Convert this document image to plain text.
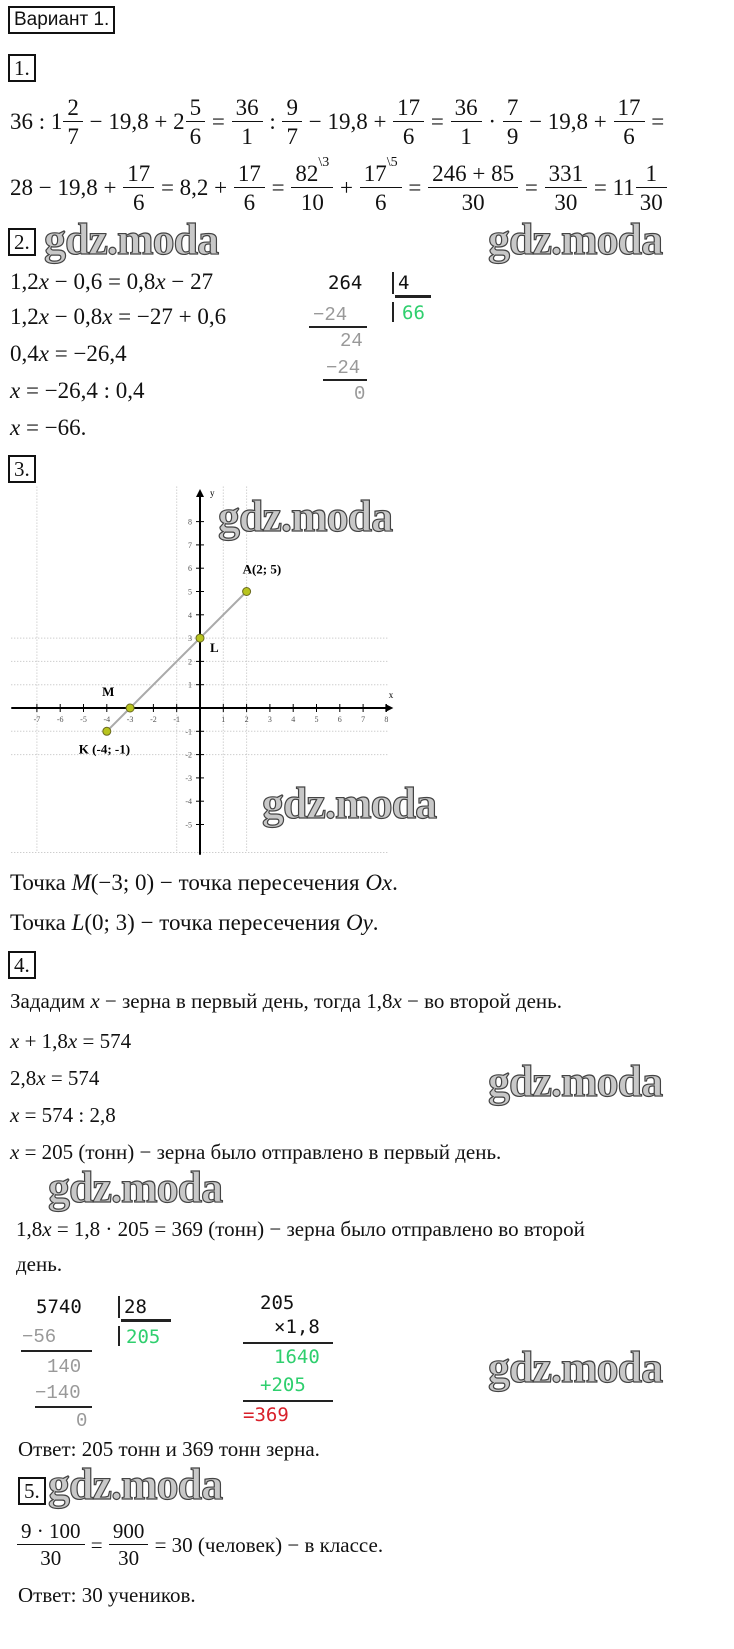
Вариант 1.
1.
36 : $1 \frac{2}{7} - 19,8 + 2 \frac{5}{6} = \frac{36}{1}$ : $\frac{9}{7} - 19,8 + \frac{17}{6} = \frac{36}{1} \cdot \frac{7}{9} - 19,8 + \frac{17}{6}$ =
$28 - 19,8 + \frac{17}{6} = 8,2 + \frac{17}{6} = \frac{82^{\backslash 3}}{10} + \frac{17^{\backslash 5}}{6} = \frac{246 + 85}{30} = \frac{331}{30} = 11 \frac{1}{30}$
2. gdz.moda	gdz.moda
1,2 x − 0,6 = 0,8 x − 27
1,2 x − 0,8 x = −27 + 0,6
0,4 x = −26,4
x = −26,4 : 0,4
x = −66.
264 4
66
−24
24
−24
0
3.
x
y
-7 -6 -5 -4 -3 -2 -1	1 2 3 4 5 6 7 8
8
7
6
5
4
3
2
1
-1
-2
-3
-4
-5
K (-4; -1)
M
L
A(2; 5)
gdz.moda
gdz.moda
Точка M (−3; 0) − точка пересечения Ox .
Точка L (0; 3) − точка пересечения Oy .
4.
Зададим x − зерна в первый день, тогда 1,8 x − во второй день.
x + 1,8 x = 574
2,8 x = 574
x = 574 : 2,8
x = 205 (тонн) − зерна было отправлено в первый день.
gdz.moda
gdz.moda
1,8 x = 1,8 · 205 = 369 (тонн) − зерна было отправлено во второй
день.
5740 28
205
−56
140
−140
0
205
×1,8
1640
+205
=369
gdz.moda
Ответ: 205 тонн и 369 тонн зерна.
5. gdz.moda
$\frac{9 \cdot 100}{30} = \frac{900}{30} = 30$ (человек) − в классе.
Ответ: 30 учеников.
